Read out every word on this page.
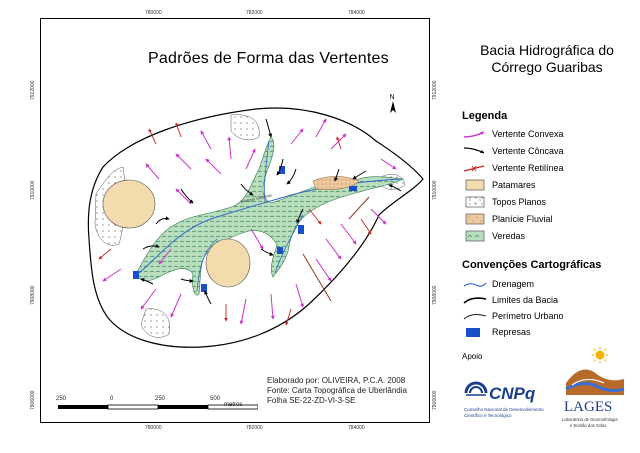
Córrego Guaribas
780000	782000	784000
780000	782000	784000
7912000
7910000
7908000
7906000
7912000
7910000
7908000
7906000
Padrões de Forma das Vertentes
N
Elaborado por: OLIVEIRA, P.C.A. 2008
Fonte: Carta Topográfica de Uberlândia
Folha SE-22-ZD-VI-3-SE
250	0	250	500
metros
Bacia Hidrográfica do
Córrego Guaribas
Legenda
Vertente Convexa
Vertente Côncava
Vertente Retilínea
Patamares
Topos Planos
Planície Fluvial
Veredas
Convenções Cartográficas
Drenagem
Limites da Bacia
Perímetro Urbano
Represas
Apoio
CNPq
Conselho Nacional de Desenvolvimento
Científico e Tecnológico
LAGES
Laboratório de Geomorfologia
e Erosão dos Solos
